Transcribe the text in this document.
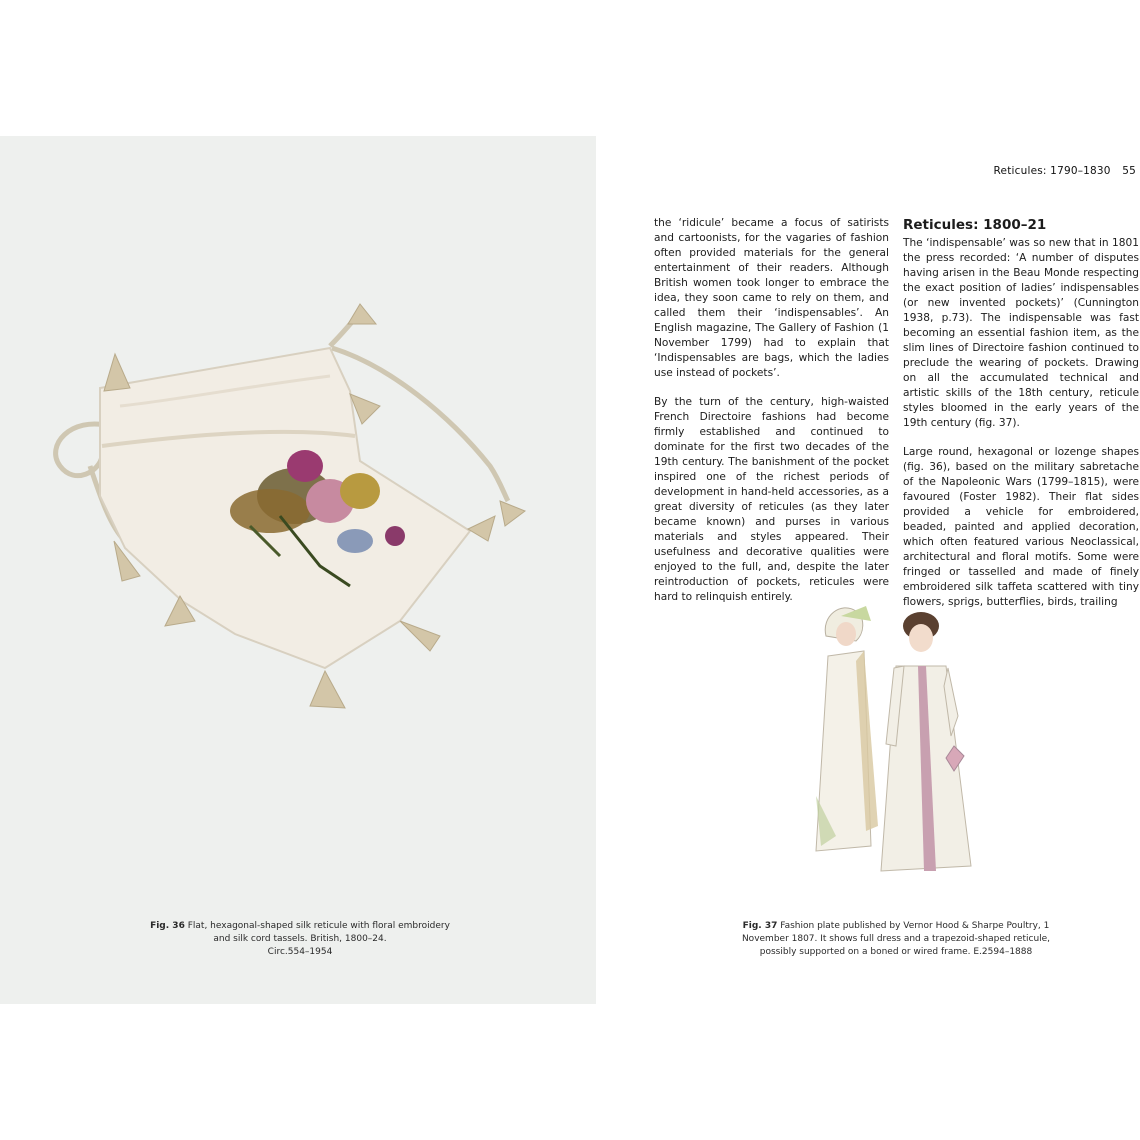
Fig. 36 Flat, hexagonal-shaped silk reticule with floral embroidery and silk cord tassels. British, 1800–24.
Circ.554–1954
Reticules: 1790–1830 55

the ‘ridicule’ became a focus of satirists and cartoonists, for the vagaries of fashion often provided materials for the general entertainment of their readers. Although British women took longer to embrace the idea, they soon came to rely on them, and called them their ‘indispensables’. An English magazine, The Gallery of Fashion (1 November 1799) had to explain that ‘Indispensables are bags, which the ladies use instead of pockets’.

By the turn of the century, high-waisted French Directoire fashions had become firmly established and continued to dominate for the first two decades of the 19th century. The banishment of the pocket inspired one of the richest periods of development in hand-held accessories, as a great diversity of reticules (as they later became known) and purses in various materials and styles appeared. Their usefulness and decorative qualities were enjoyed to the full, and, despite the later reintroduction of pockets, reticules were hard to relinquish entirely.

Reticules: 1800–21

The ‘indispensable’ was so new that in 1801 the press recorded: ‘A number of disputes having arisen in the Beau Monde respecting the exact position of ladies’ indispensables (or new invented pockets)’ (Cunnington 1938, p.73). The indispensable was fast becoming an essential fashion item, as the slim lines of Directoire fashion continued to preclude the wearing of pockets. Drawing on all the accumulated technical and artistic skills of the 18th century, reticule styles bloomed in the early years of the 19th century (fig. 37).

Large round, hexagonal or lozenge shapes (fig. 36), based on the military sabretache of the Napoleonic Wars (1799–1815), were favoured (Foster 1982). Their flat sides provided a vehicle for embroidered, beaded, painted and applied decoration, which often featured various Neoclassical, architectural and floral motifs. Some were fringed or tasselled and made of finely embroidered silk taffeta scattered with tiny flowers, sprigs, butterflies, birds, trailing

Fig. 37 Fashion plate published by Vernor Hood & Sharpe Poultry, 1 November 1807. It shows full dress and a trapezoid-shaped reticule, possibly supported on a boned or wired frame. E.2594–1888
